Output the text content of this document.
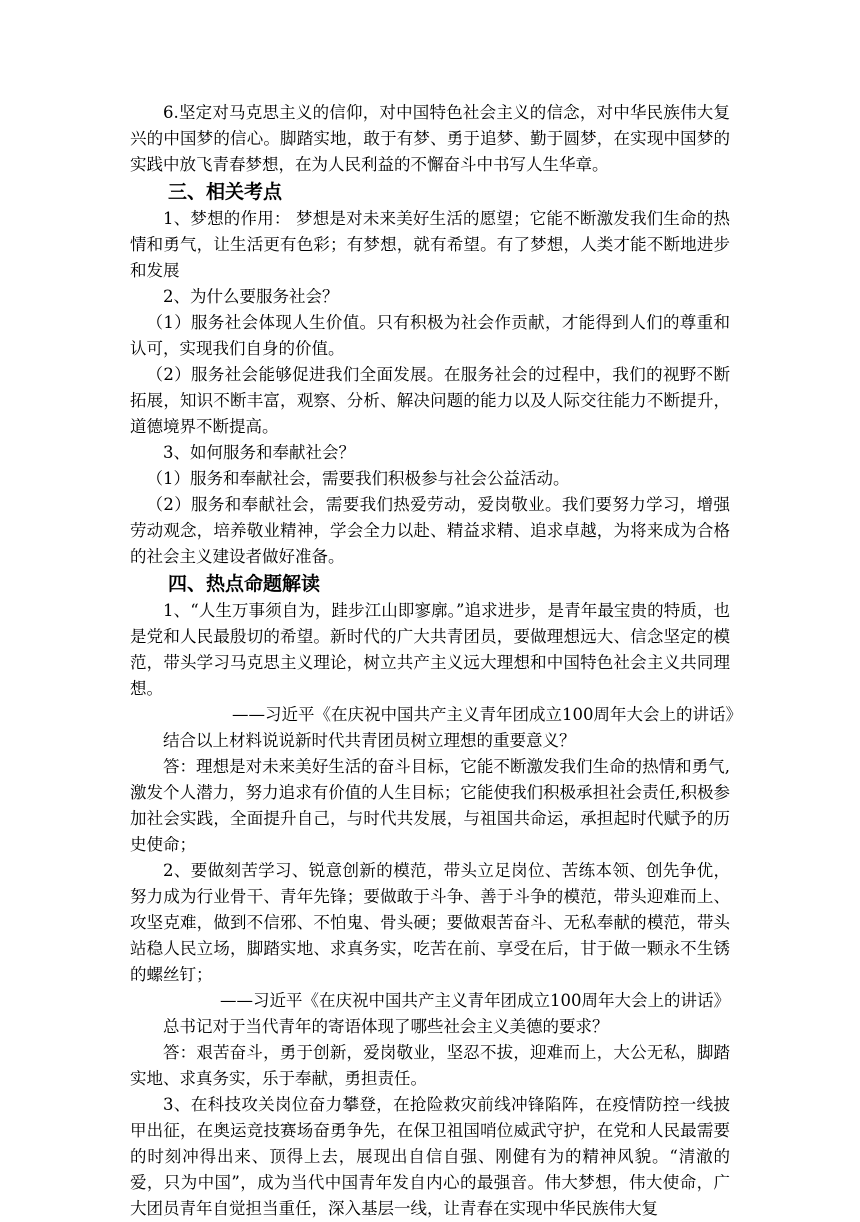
6.坚定对马克思主义的信仰，对中国特色社会主义的信念，对中华民族伟大复兴的中国梦的信心。脚踏实地，敢于有梦、勇于追梦、勤于圆梦，在实现中国梦的实践中放飞青春梦想，在为人民利益的不懈奋斗中书写人生华章。

三、相关考点

1、梦想的作用： 梦想是对未来美好生活的愿望；它能不断激发我们生命的热情和勇气，让生活更有色彩；有梦想，就有希望。有了梦想，人类才能不断地进步和发展

2、为什么要服务社会？

（1）服务社会体现人生价值。只有积极为社会作贡献，才能得到人们的尊重和认可，实现我们自身的价值。

（2）服务社会能够促进我们全面发展。在服务社会的过程中，我们的视野不断拓展，知识不断丰富，观察、分析、解决问题的能力以及人际交往能力不断提升，道德境界不断提高。

3、如何服务和奉献社会？

（1）服务和奉献社会，需要我们积极参与社会公益活动。

（2）服务和奉献社会，需要我们热爱劳动，爱岗敬业。我们要努力学习，增强劳动观念，培养敬业精神，学会全力以赴、精益求精、追求卓越，为将来成为合格的社会主义建设者做好准备。

四、热点命题解读

1、“人生万事须自为，跬步江山即寥廓。”追求进步，是青年最宝贵的特质，也是党和人民最殷切的希望。新时代的广大共青团员，要做理想远大、信念坚定的模范，带头学习马克思主义理论，树立共产主义远大理想和中国特色社会主义共同理想。

——习近平《在庆祝中国共产主义青年团成立100周年大会上的讲话》

结合以上材料说说新时代共青团员树立理想的重要意义？

答：理想是对未来美好生活的奋斗目标，它能不断激发我们生命的热情和勇气,激发个人潜力，努力追求有价值的人生目标；它能使我们积极承担社会责任,积极参加社会实践，全面提升自己，与时代共发展，与祖国共命运，承担起时代赋予的历史使命；

2、要做刻苦学习、锐意创新的模范，带头立足岗位、苦练本领、创先争优，努力成为行业骨干、青年先锋；要做敢于斗争、善于斗争的模范，带头迎难而上、攻坚克难，做到不信邪、不怕鬼、骨头硬；要做艰苦奋斗、无私奉献的模范，带头站稳人民立场，脚踏实地、求真务实，吃苦在前、享受在后，甘于做一颗永不生锈的螺丝钉；

——习近平《在庆祝中国共产主义青年团成立100周年大会上的讲话》

总书记对于当代青年的寄语体现了哪些社会主义美德的要求？

答：艰苦奋斗，勇于创新，爱岗敬业，坚忍不拔，迎难而上，大公无私，脚踏实地、求真务实，乐于奉献，勇担责任。

3、在科技攻关岗位奋力攀登，在抢险救灾前线冲锋陷阵，在疫情防控一线披甲出征，在奥运竞技赛场奋勇争先，在保卫祖国哨位威武守护，在党和人民最需要的时刻冲得出来、顶得上去，展现出自信自强、刚健有为的精神风貌。“清澈的爱，只为中国”，成为当代中国青年发自内心的最强音。伟大梦想，伟大使命，广大团员青年自觉担当重任，深入基层一线，让青春在实现中华民族伟大复
